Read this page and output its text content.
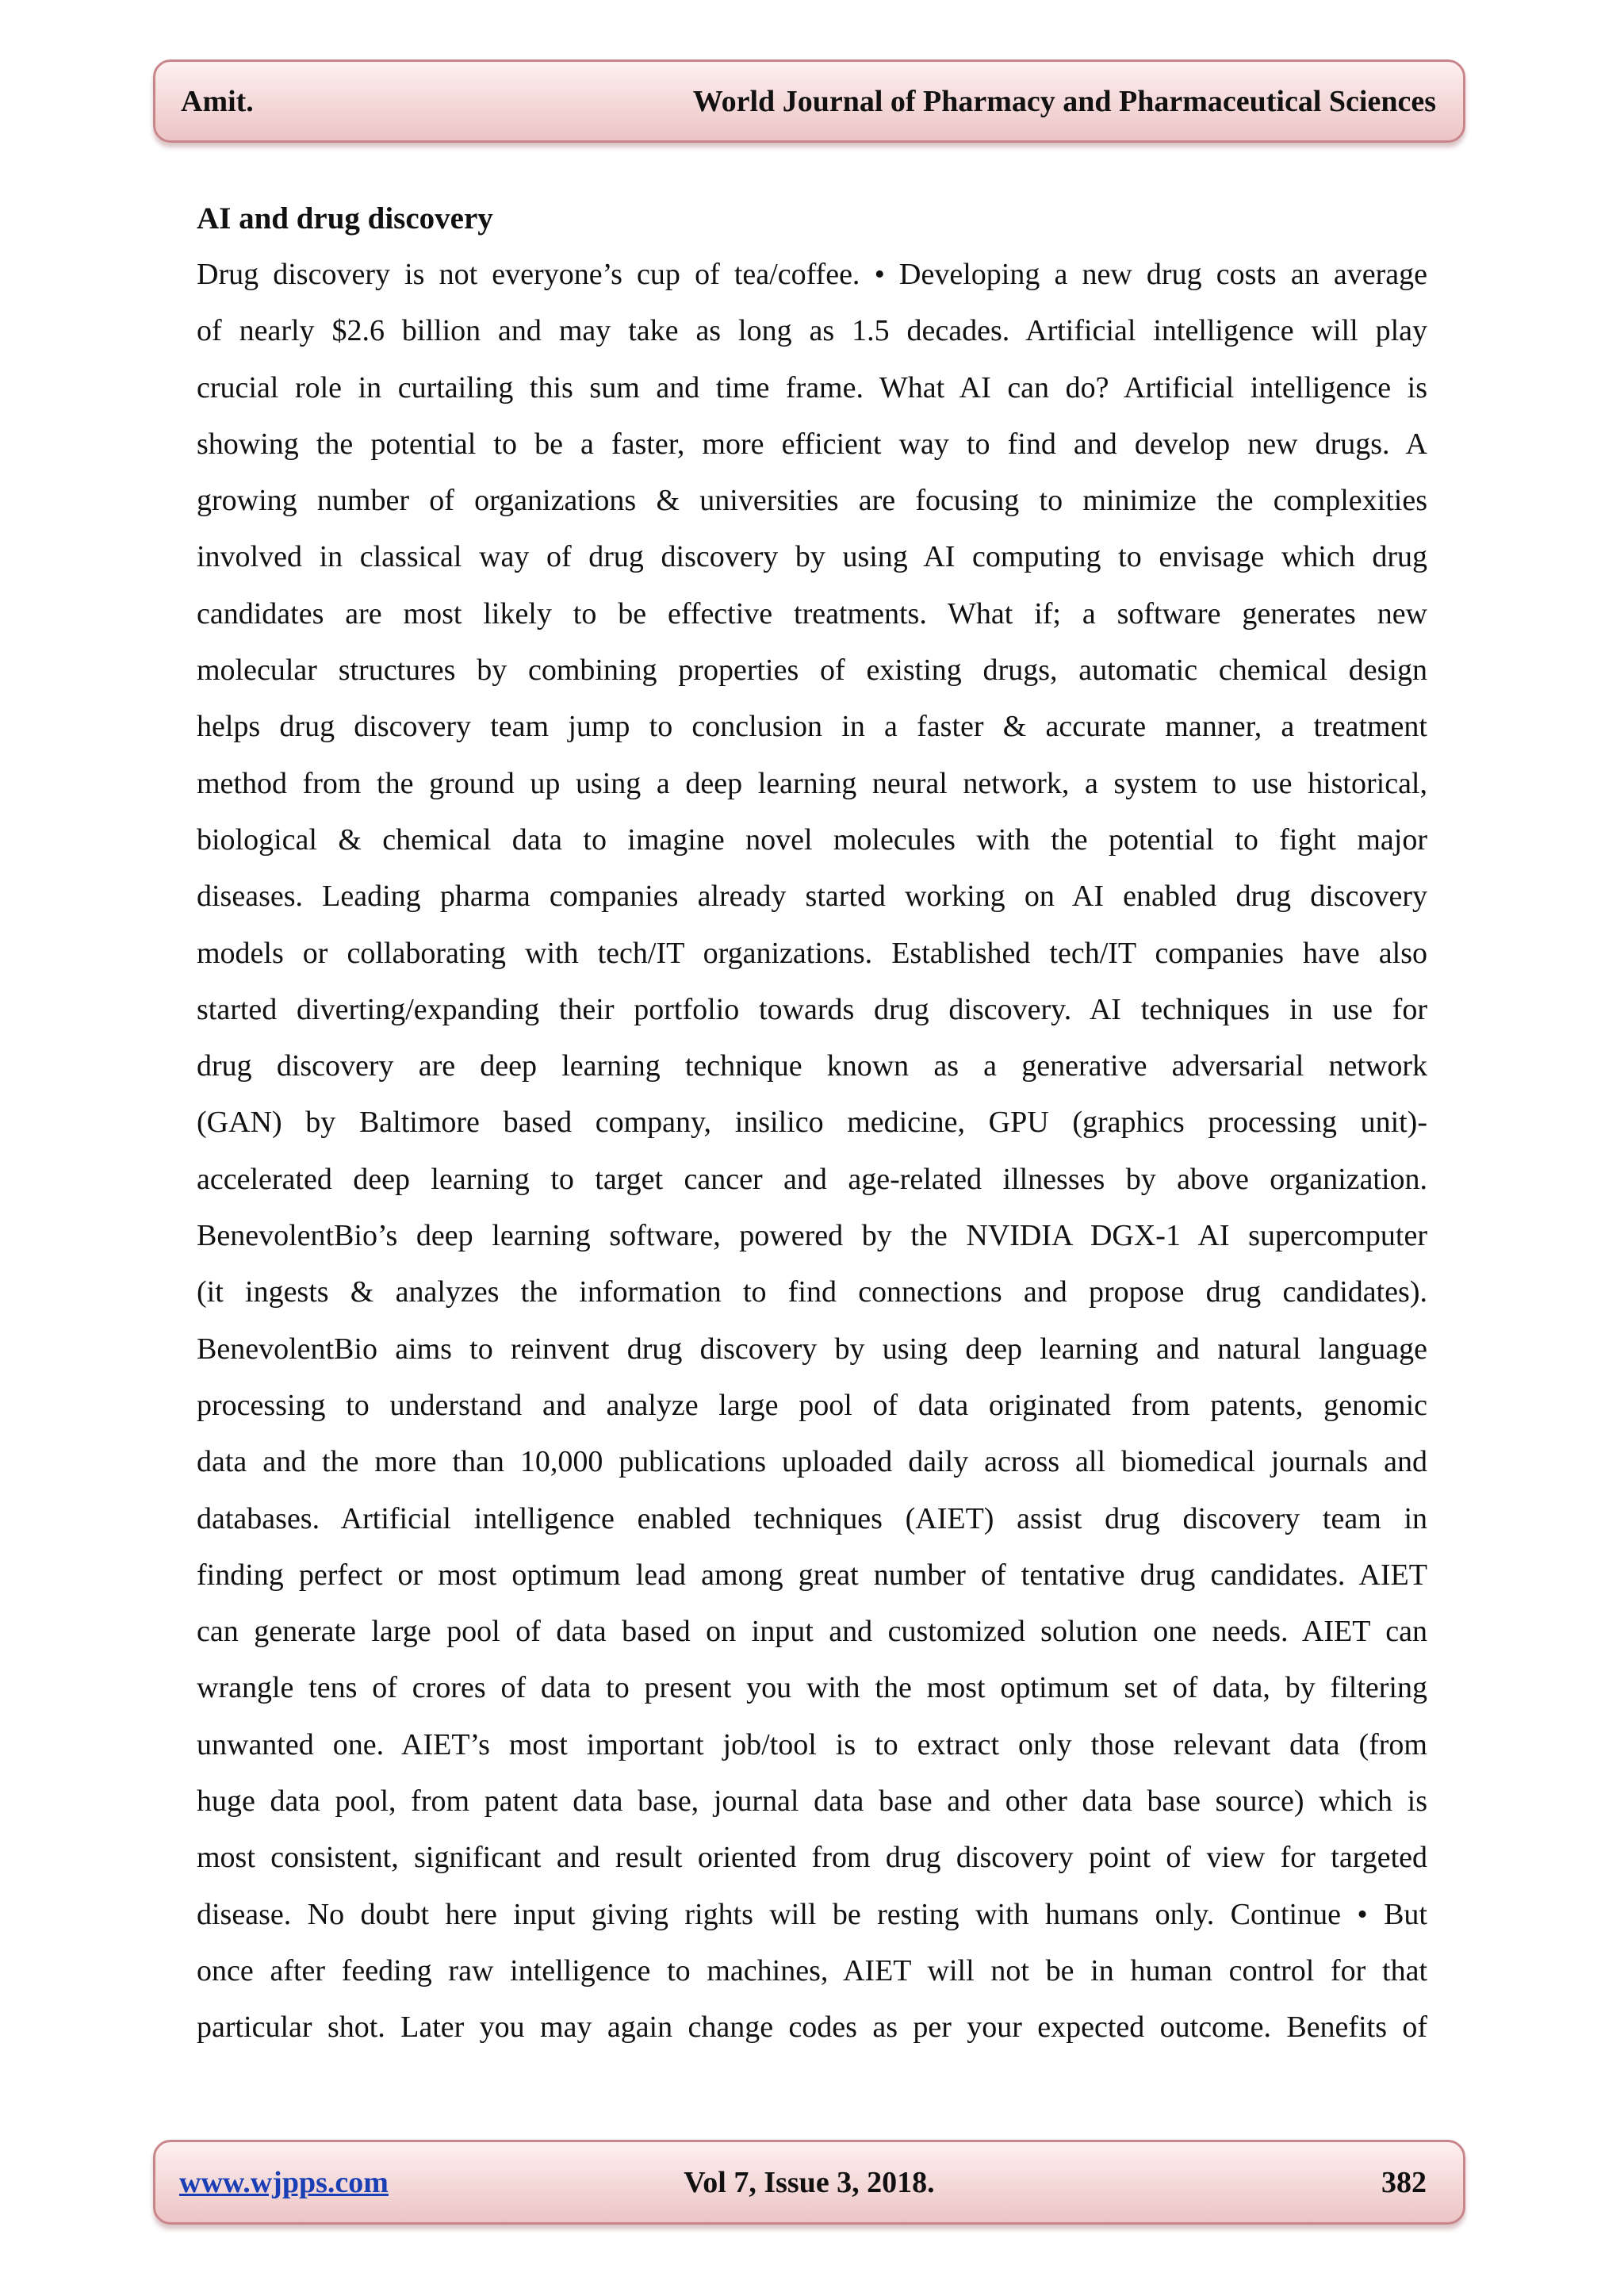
Amit.	World Journal of Pharmacy and Pharmaceutical Sciences
AI and drug discovery
Drug discovery is not everyone’s cup of tea/coffee. • Developing a new drug costs an average
of nearly $2.6 billion and may take as long as 1.5 decades. Artificial intelligence will play
crucial role in curtailing this sum and time frame. What AI can do? Artificial intelligence is
showing the potential to be a faster, more efficient way to find and develop new drugs. A
growing number of organizations & universities are focusing to minimize the complexities
involved in classical way of drug discovery by using AI computing to envisage which drug
candidates are most likely to be effective treatments. What if; a software generates new
molecular structures by combining properties of existing drugs, automatic chemical design
helps drug discovery team jump to conclusion in a faster & accurate manner, a treatment
method from the ground up using a deep learning neural network, a system to use historical,
biological & chemical data to imagine novel molecules with the potential to fight major
diseases. Leading pharma companies already started working on AI enabled drug discovery
models or collaborating with tech/IT organizations. Established tech/IT companies have also
started diverting/expanding their portfolio towards drug discovery. AI techniques in use for
drug discovery are deep learning technique known as a generative adversarial network
(GAN) by Baltimore based company, insilico medicine, GPU (graphics processing unit)-
accelerated deep learning to target cancer and age-related illnesses by above organization.
BenevolentBio’s deep learning software, powered by the NVIDIA DGX-1 AI supercomputer
(it ingests & analyzes the information to find connections and propose drug candidates).
BenevolentBio aims to reinvent drug discovery by using deep learning and natural language
processing to understand and analyze large pool of data originated from patents, genomic
data and the more than 10,000 publications uploaded daily across all biomedical journals and
databases. Artificial intelligence enabled techniques (AIET) assist drug discovery team in
finding perfect or most optimum lead among great number of tentative drug candidates. AIET
can generate large pool of data based on input and customized solution one needs. AIET can
wrangle tens of crores of data to present you with the most optimum set of data, by filtering
unwanted one. AIET’s most important job/tool is to extract only those relevant data (from
huge data pool, from patent data base, journal data base and other data base source) which is
most consistent, significant and result oriented from drug discovery point of view for targeted
disease. No doubt here input giving rights will be resting with humans only. Continue • But
once after feeding raw intelligence to machines, AIET will not be in human control for that
particular shot. Later you may again change codes as per your expected outcome. Benefits of
www.wjpps.com	Vol 7, Issue 3, 2018.	382
